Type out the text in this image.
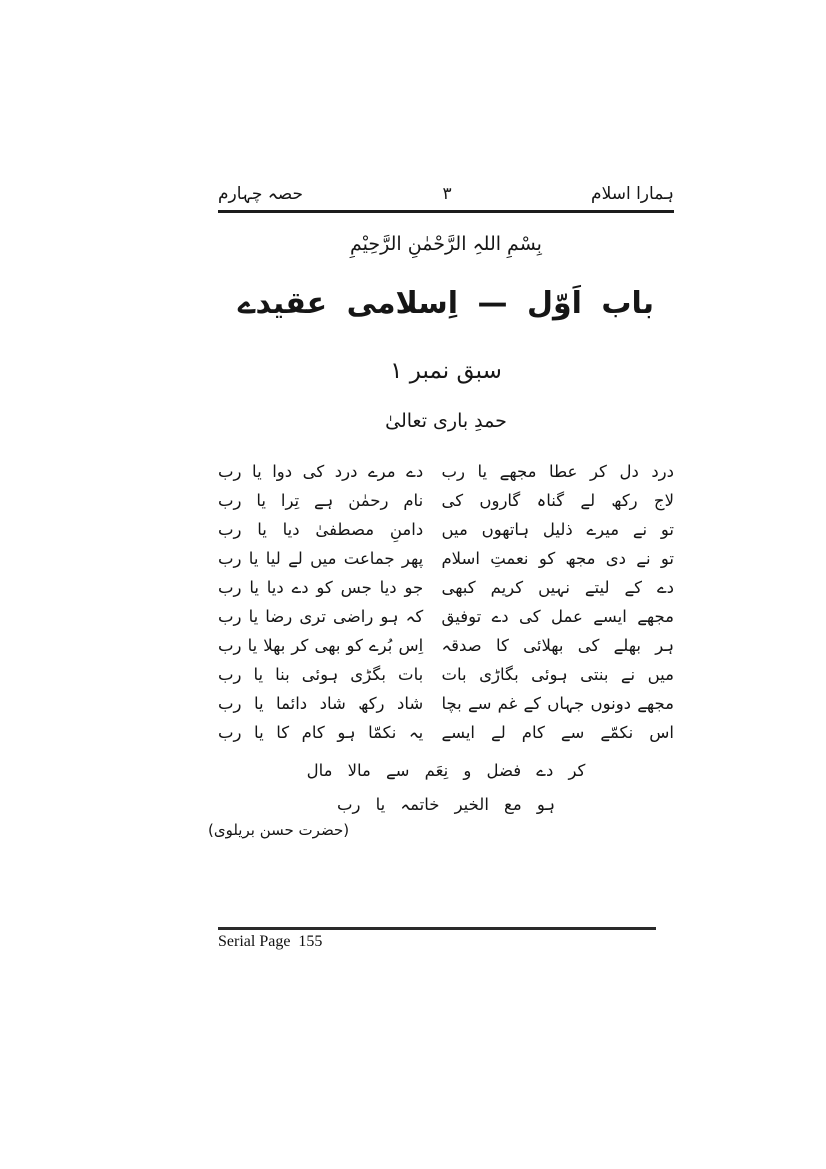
ہمارا اسلام
۳
حصہ چہارم
بِسْمِ اللہِ الرَّحْمٰنِ الرَّحِیْمِ
باب اَوّل — اِسلامی عقیدے
سبق نمبر ۱
حمدِ باری تعالیٰ
درد دل کر عطا مجھے یا رب
دے مرے درد کی دوا یا رب
لاج رکھ لے گناہ گاروں کی
نام رحمٰن ہے تِرا یا رب
تو نے میرے ذلیل ہاتھوں میں
دامنِ مصطفیٰ دیا یا رب
تو نے دی مجھ کو نعمتِ اسلام
پھر جماعت میں لے لیا یا رب
دے کے لیتے نہیں کریم کبھی
جو دیا جس کو دے دیا یا رب
مجھے ایسے عمل کی دے توفیق
کہ ہو راضی تری رضا یا رب
ہر بھلے کی بھلائی کا صدقہ
اِس بُرے کو بھی کر بھلا یا رب
میں نے بنتی ہوئی بگاڑی بات
بات بگڑی ہوئی بنا یا رب
مجھے دونوں جہاں کے غم سے بچا
شاد رکھ شاد دائما یا رب
اس نکمّے سے کام لے ایسے
یہ نکمّا ہو کام کا یا رب
کر دے فضل و نِعَم سے مالا مال
ہو مع الخیر خاتمہ یا رب
(حضرت حسن بریلوی)
Serial Page  155
